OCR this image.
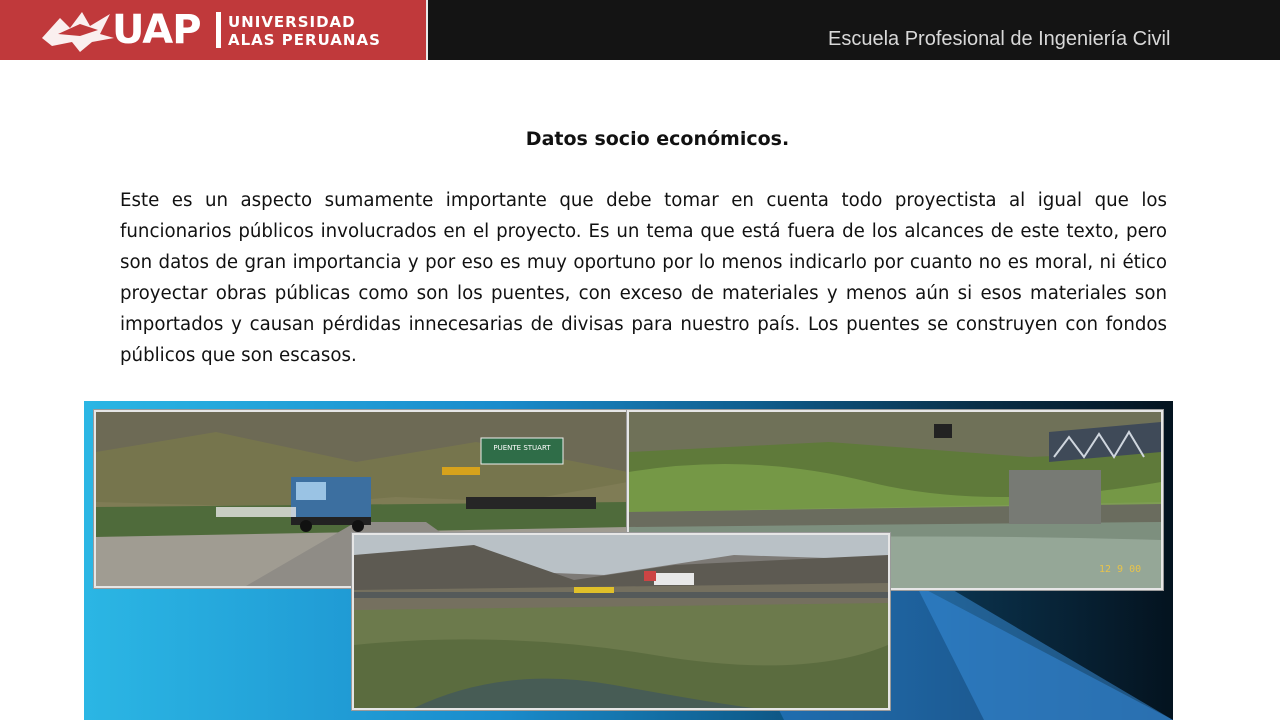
UAP UNIVERSIDAD
ALAS PERUANAS	Escuela Profesional de Ingeniería Civil
Datos socio económicos.

Este es un aspecto sumamente importante que debe tomar en cuenta todo proyectista al igual que los funcionarios públicos involucrados en el proyecto. Es un tema que está fuera de los alcances de este texto, pero son datos de gran importancia y por eso es muy oportuno por lo menos indicarlo por cuanto no es moral, ni ético proyectar obras públicas como son los puentes, con exceso de materiales y menos aún si esos materiales son importados y causan pérdidas innecesarias de divisas para nuestro país. Los puentes se construyen con fondos públicos que son escasos.

PUENTE STUART
12 9 00
